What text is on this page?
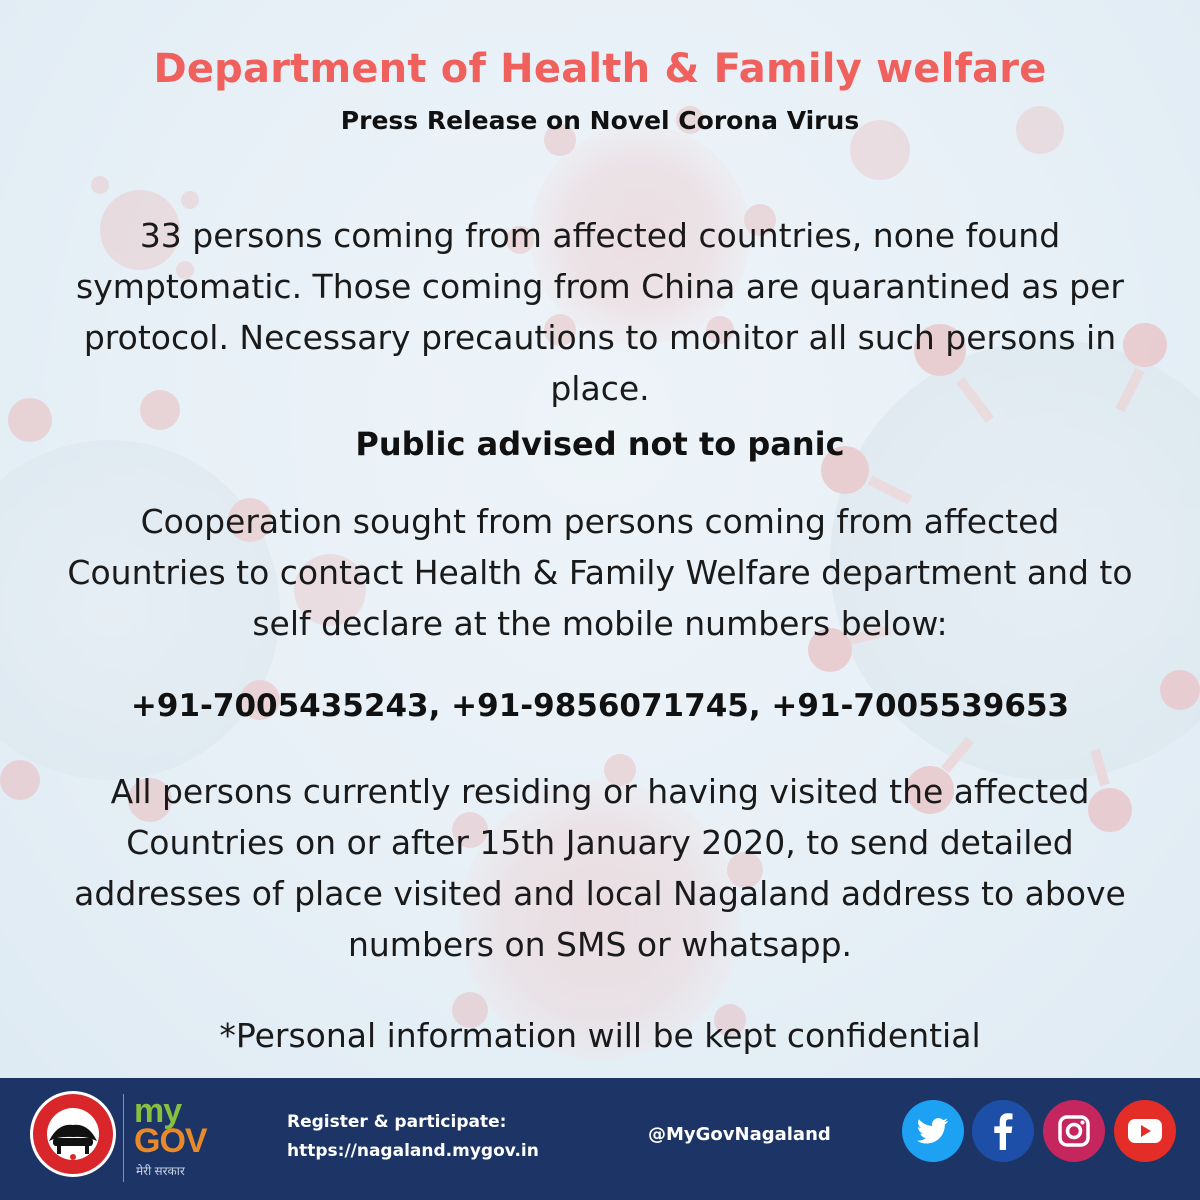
Department of Health & Family welfare
Press Release on Novel Corona Virus
33 persons coming from affected countries, none found symptomatic. Those coming from China are quarantined as per protocol. Necessary precautions to monitor all such persons in place.
Public advised not to panic
Cooperation sought from persons coming from affected Countries to contact Health & Family Welfare department and to self declare at the mobile numbers below:
+91-7005435243, +91-9856071745, +91-7005539653
All persons currently residing or having visited the affected Countries on or after 15th January 2020, to send detailed addresses of place visited and local Nagaland address to above numbers on SMS or whatsapp.
*Personal information will be kept confidential
my
GOV
मेरी सरकार
Register & participate:
https://nagaland.mygov.in
@MyGovNagaland
